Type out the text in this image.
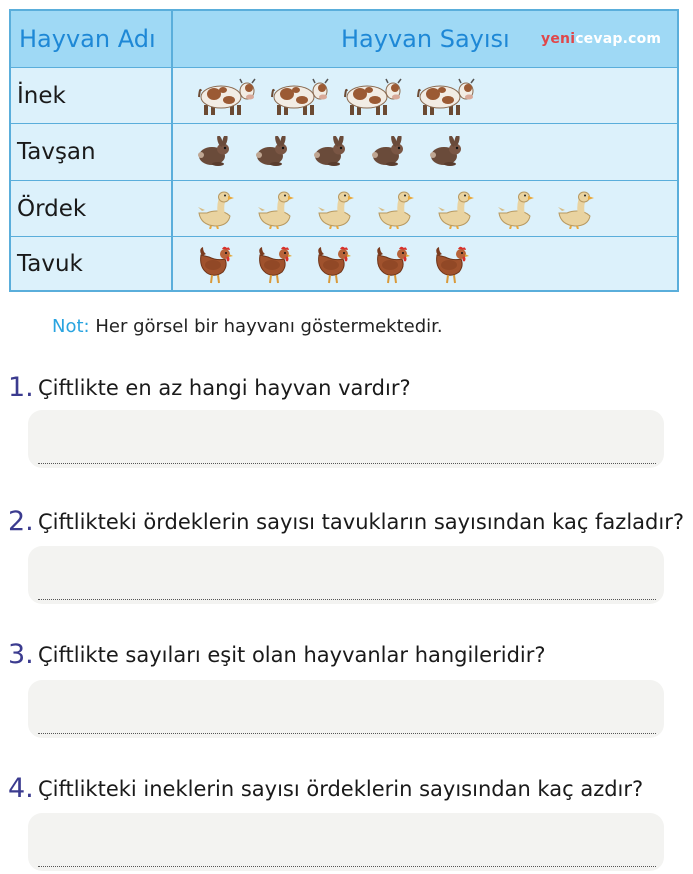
Hayvan Adı	Hayvan Sayısı yeni cevap.com
İnek
Tavşan
Ördek
Tavuk
Not: Her görsel bir hayvanı göstermektedir.
1. Çiftlikte en az hangi hayvan vardır?
2. Çiftlikteki ördeklerin sayısı tavukların sayısından kaç fazladır?
3. Çiftlikte sayıları eşit olan hayvanlar hangileridir?
4. Çiftlikteki ineklerin sayısı ördeklerin sayısından kaç azdır?
